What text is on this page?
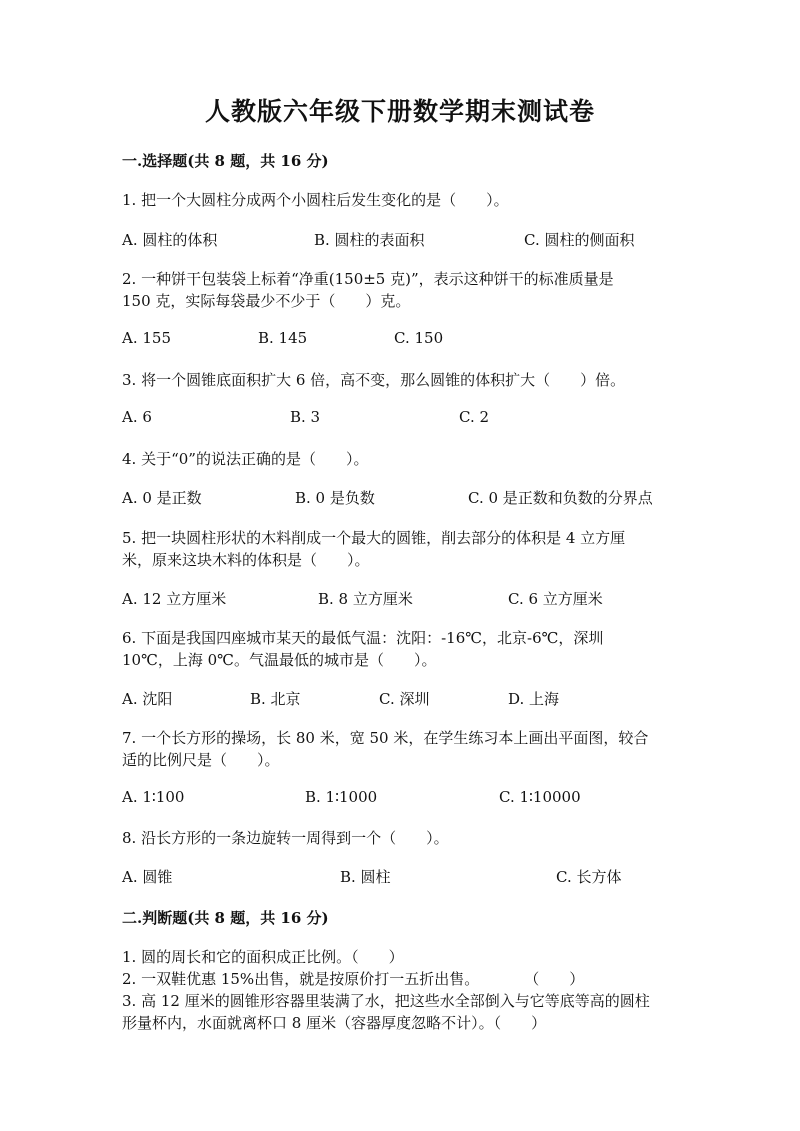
人教版六年级下册数学期末测试卷
一.选择题(共 8 题，共 16 分)
1. 把一个大圆柱分成两个小圆柱后发生变化的是（　　）。
A. 圆柱的体积	B. 圆柱的表面积	C. 圆柱的侧面积
2. 一种饼干包装袋上标着“净重(150±5 克)”，表示这种饼干的标准质量是
150 克，实际每袋最少不少于（　　）克。
A. 155	B. 145	C. 150
3. 将一个圆锥底面积扩大 6 倍，高不变，那么圆锥的体积扩大（　　）倍。
A. 6	B. 3	C. 2
4. 关于“0”的说法正确的是（　　）。
A. 0 是正数	B. 0 是负数	C. 0 是正数和负数的分界点
5. 把一块圆柱形状的木料削成一个最大的圆锥，削去部分的体积是 4 立方厘
米，原来这块木料的体积是（　　）。
A. 12 立方厘米	B. 8 立方厘米	C. 6 立方厘米
6. 下面是我国四座城市某天的最低气温：沈阳：-16℃，北京-6℃，深圳
10℃，上海 0℃。气温最低的城市是（　　）。
A. 沈阳	B. 北京	C. 深圳	D. 上海
7. 一个长方形的操场，长 80 米，宽 50 米，在学生练习本上画出平面图，较合
适的比例尺是（　　）。
A. 1∶100	B. 1∶1000	C. 1∶10000
8. 沿长方形的一条边旋转一周得到一个（　　）。
A. 圆锥	B. 圆柱	C. 长方体
二.判断题(共 8 题，共 16 分)
1. 圆的周长和它的面积成正比例。（　　）
2. 一双鞋优惠 15%出售，就是按原价打一五折出售。　　　　（　　）
3. 高 12 厘米的圆锥形容器里装满了水，把这些水全部倒入与它等底等高的圆柱
形量杯内，水面就离杯口 8 厘米（容器厚度忽略不计）。（　　）
